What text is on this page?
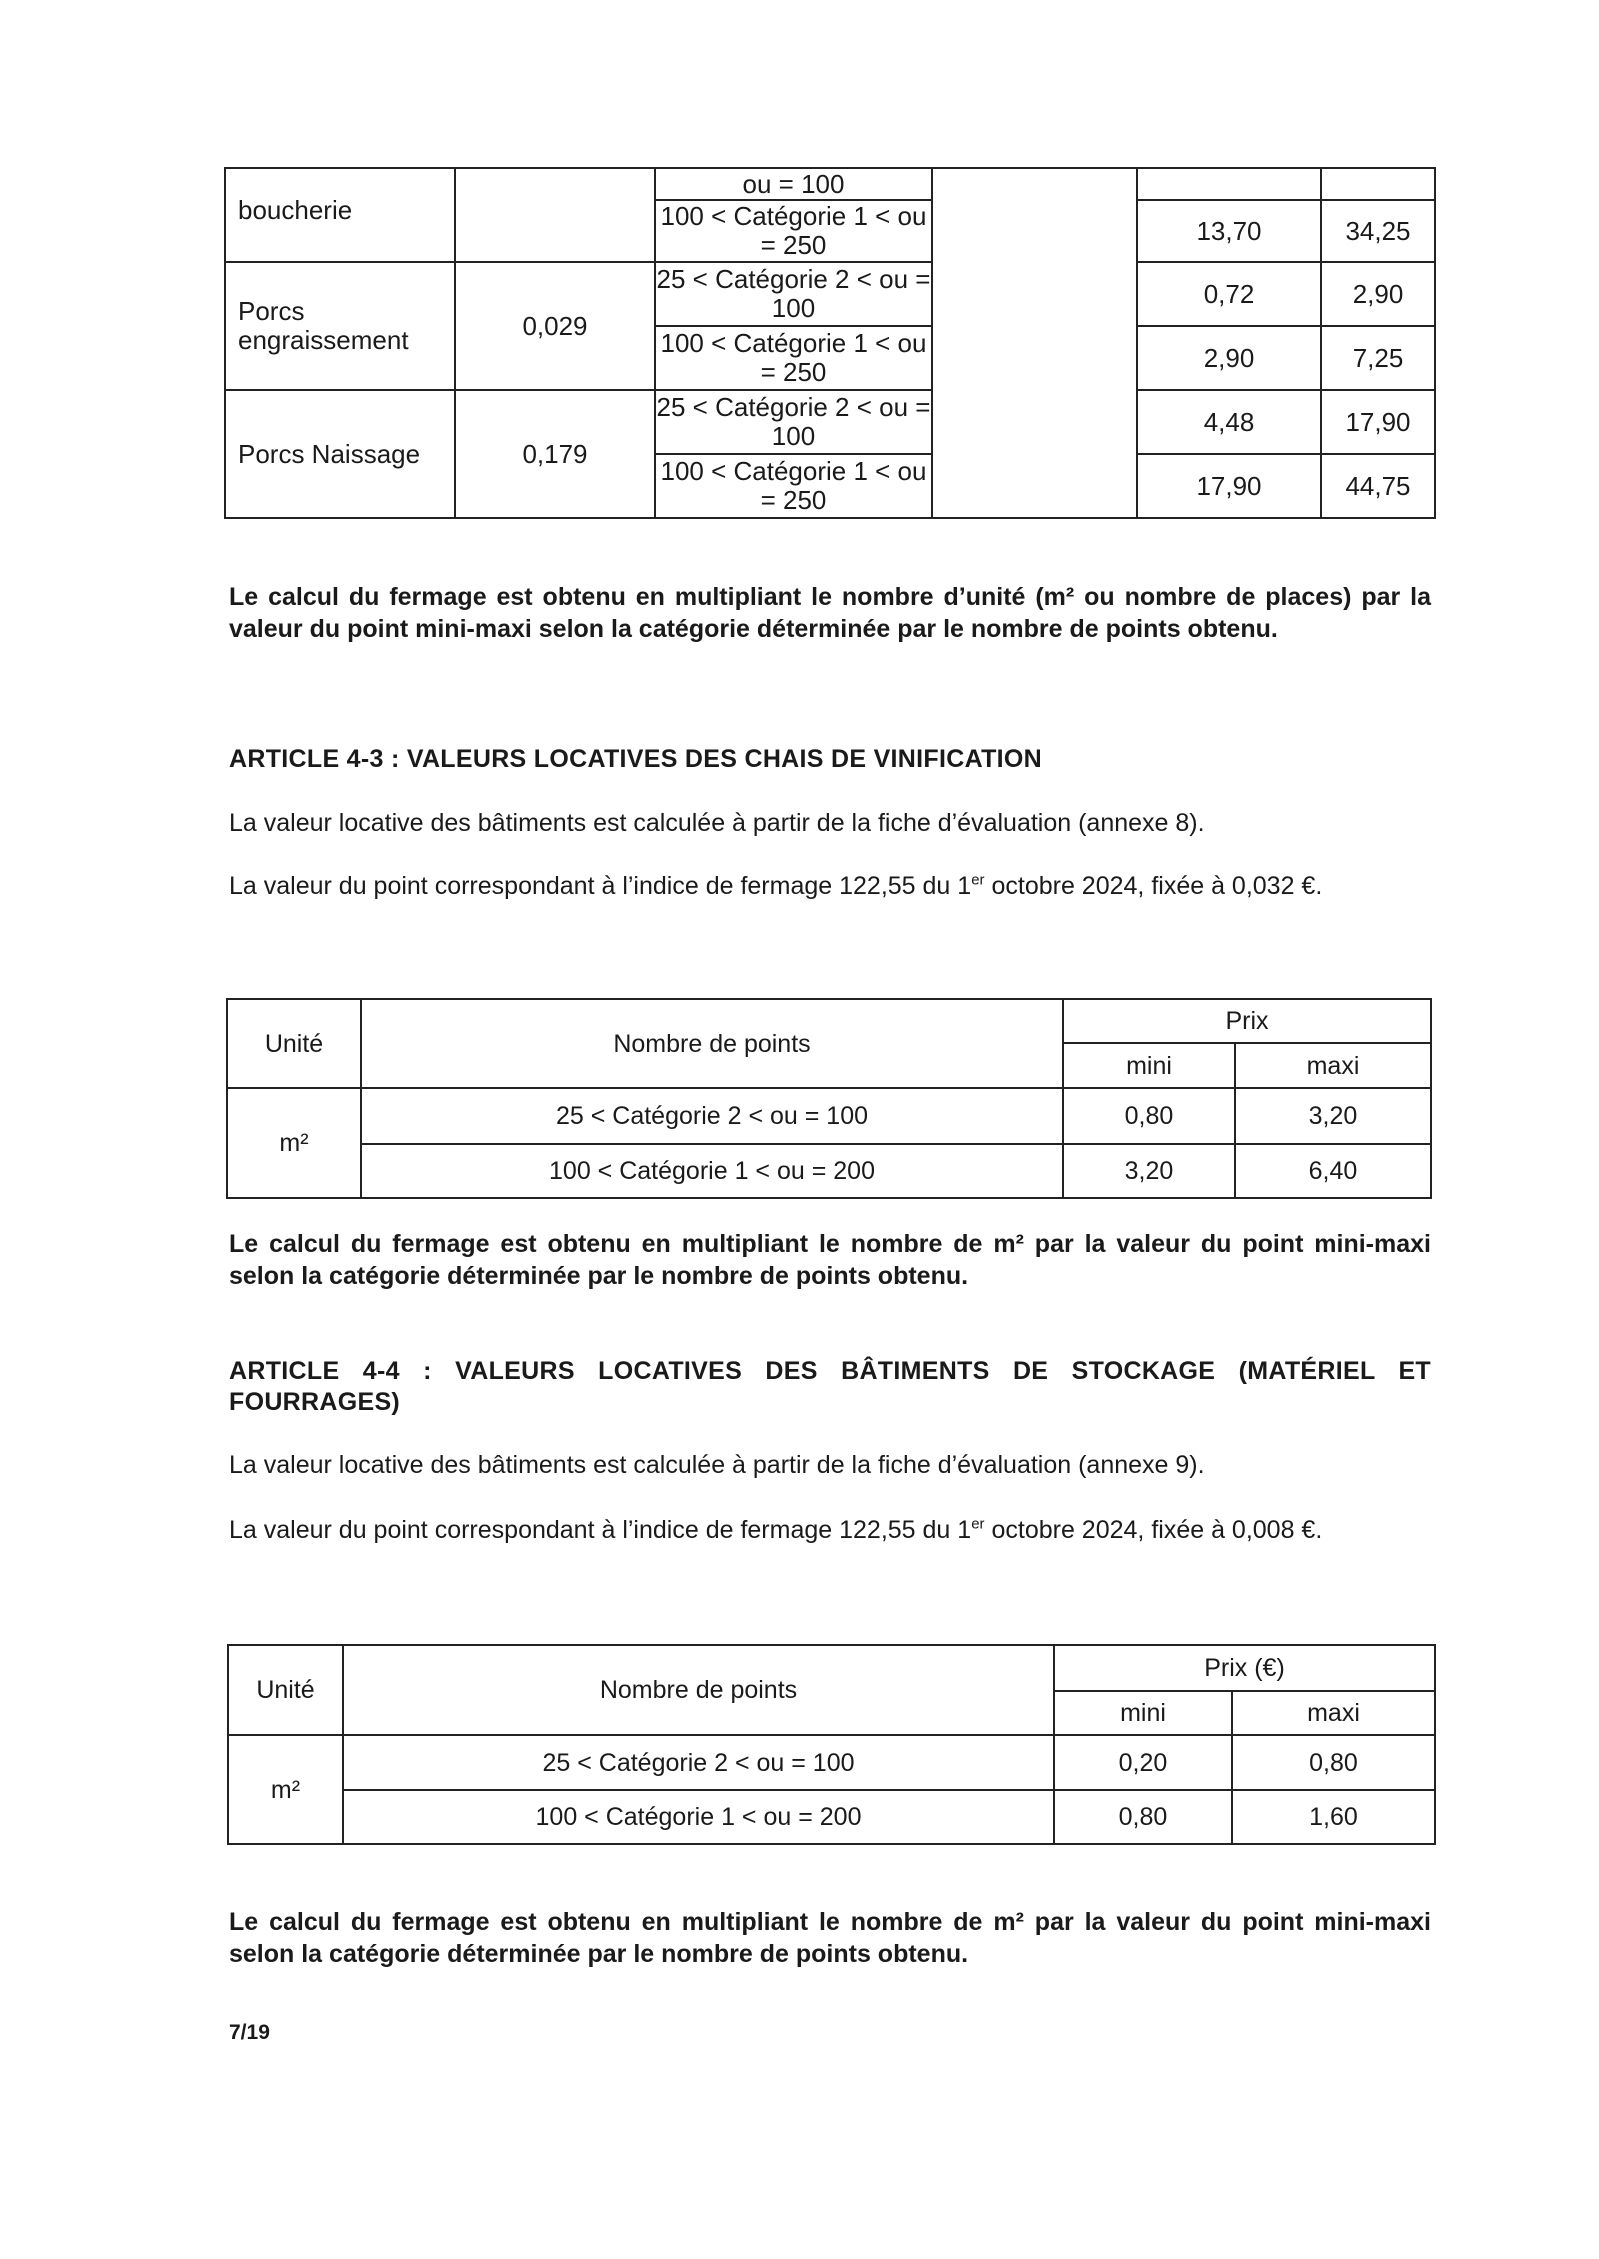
boucherie		ou = 100			
		100 < Catégorie 1 < ou = 250		13,70	34,25
Porcs engraissement	0,029	25 < Catégorie 2 < ou = 100		0,72	2,90
		100 < Catégorie 1 < ou = 250		2,90	7,25
Porcs Naissage	0,179	25 < Catégorie 2 < ou = 100		4,48	17,90
		100 < Catégorie 1 < ou = 250		17,90	44,75

Le calcul du fermage est obtenu en multipliant le nombre d’unité (m² ou nombre de places) par la valeur du point mini-maxi selon la catégorie déterminée par le nombre de points obtenu.

ARTICLE 4-3 : VALEURS LOCATIVES DES CHAIS DE VINIFICATION

La valeur locative des bâtiments est calculée à partir de la fiche d’évaluation (annexe 8).

La valeur du point correspondant à l’indice de fermage 122,55 du 1er octobre 2024, fixée à 0,032 €.

Unité	Nombre de points	Prix	
		mini	maxi
m²	25 < Catégorie 2 < ou = 100	0,80	3,20
	100 < Catégorie 1 < ou = 200	3,20	6,40

Le calcul du fermage est obtenu en multipliant le nombre de m² par la valeur du point mini-maxi selon la catégorie déterminée par le nombre de points obtenu.

ARTICLE 4-4 : VALEURS LOCATIVES DES BÂTIMENTS DE STOCKAGE (MATÉRIEL ET FOURRAGES)

La valeur locative des bâtiments est calculée à partir de la fiche d’évaluation (annexe 9).

La valeur du point correspondant à l’indice de fermage 122,55 du 1er octobre 2024, fixée à 0,008 €.

Unité	Nombre de points	Prix (€)	
		mini	maxi
m²	25 < Catégorie 2 < ou = 100	0,20	0,80
	100 < Catégorie 1 < ou = 200	0,80	1,60

Le calcul du fermage est obtenu en multipliant le nombre de m² par la valeur du point mini-maxi selon la catégorie déterminée par le nombre de points obtenu.

7/19
